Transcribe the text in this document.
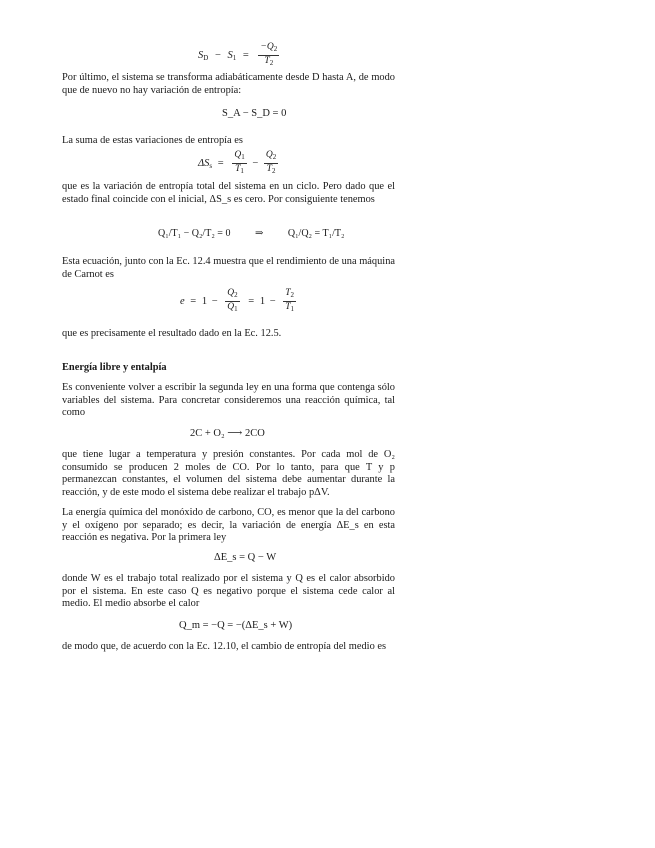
$S_D - S_1 = \frac{-Q_2}{T_2}$

Por último, el sistema se transforma adiabáticamente desde D hasta A, de modo que de nuevo no hay variación de entropía:

S_A − S_D = 0

La suma de estas variaciones de entropía es

$\Delta S_s = \frac{Q_1}{T_1} - \frac{Q_2}{T_2}$

que es la variación de entropía total del sistema en un ciclo. Pero dado que el estado final coincide con el inicial, ΔS_s es cero. Por consiguiente tenemos

Q₁/T₁ − Q₂/T₂ = 0 ⇒ Q₁/Q₂ = T₁/T₂

Esta ecuación, junto con la Ec. 12.4 muestra que el rendimiento de una máquina de Carnot es

$e = 1 - \frac{Q_2}{Q_1} = 1 - \frac{T_2}{T_1}$

que es precisamente el resultado dado en la Ec. 12.5.

Energía libre y entalpía

Es conveniente volver a escribir la segunda ley en una forma que contenga sólo variables del sistema. Para concretar consideremos una reacción química, tal como

2C + O₂ ⟶ 2CO

que tiene lugar a temperatura y presión constantes. Por cada mol de O₂ consumido se producen 2 moles de CO. Por lo tanto, para que T y p permanezcan constantes, el volumen del sistema debe aumentar durante la reacción, y de este modo el sistema debe realizar el trabajo pΔV.

La energía química del monóxido de carbono, CO, es menor que la del carbono y el oxígeno por separado; es decir, la variación de energía ΔE_s en esta reacción es negativa. Por la primera ley

ΔE_s = Q − W

donde W es el trabajo total realizado por el sistema y Q es el calor absorbido por el sistema. En este caso Q es negativo porque el sistema cede calor al medio. El medio absorbe el calor

Q_m = −Q = −(ΔE_s + W)

de modo que, de acuerdo con la Ec. 12.10, el cambio de entropía del medio es
